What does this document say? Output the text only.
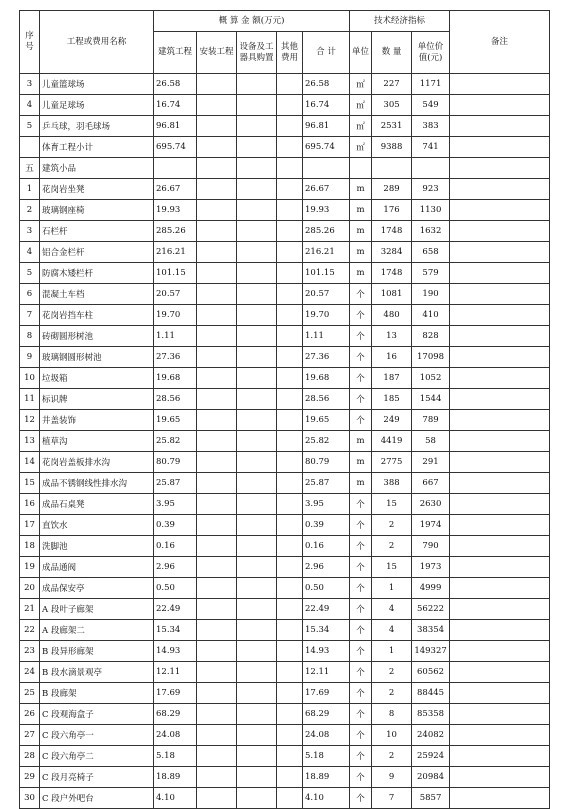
序号	工程或费用名称	概 算 金 额(万元)					技术经济指标			备注
		建筑工程	安装工程	设备及工器具购置	其他费用	合 计	单位	数 量	单位价值(元)	
3	儿童篮球场	26.58				26.58	㎡	227	1171	
4	儿童足球场	16.74				16.74	㎡	305	549	
5	乒乓球，羽毛球场	96.81				96.81	㎡	2531	383	
	体育工程小计	695.74				695.74	㎡	9388	741	
五	建筑小品									
1	花岗岩坐凳	26.67				26.67	m	289	923	
2	玻璃钢座椅	19.93				19.93	m	176	1130	
3	石栏杆	285.26				285.26	m	1748	1632	
4	铝合金栏杆	216.21				216.21	m	3284	658	
5	防腐木矮栏杆	101.15				101.15	m	1748	579	
6	混凝土车档	20.57				20.57	个	1081	190	
7	花岗岩挡车柱	19.70				19.70	个	480	410	
8	砖砌圆形树池	1.11				1.11	个	13	828	
9	玻璃钢圆形树池	27.36				27.36	个	16	17098	
10	垃圾箱	19.68				19.68	个	187	1052	
11	标识牌	28.56				28.56	个	185	1544	
12	井盖装饰	19.65				19.65	个	249	789	
13	植草沟	25.82				25.82	m	4419	58	
14	花岗岩盖板排水沟	80.79				80.79	m	2775	291	
15	成品不锈钢线性排水沟	25.87				25.87	m	388	667	
16	成品石桌凳	3.95				3.95	个	15	2630	
17	直饮水	0.39				0.39	个	2	1974	
18	洗脚池	0.16				0.16	个	2	790	
19	成品通阀	2.96				2.96	个	15	1973	
20	成品保安亭	0.50				0.50	个	1	4999	
21	A 段叶子廊架	22.49				22.49	个	4	56222	
22	A 段廊架二	15.34				15.34	个	4	38354	
23	B 段异形廊架	14.93				14.93	个	1	149327	
24	B 段水滴景观亭	12.11				12.11	个	2	60562	
25	B 段廊架	17.69				17.69	个	2	88445	
26	C 段观海盒子	68.29				68.29	个	8	85358	
27	C 段六角亭一	24.08				24.08	个	10	24082	
28	C 段六角亭二	5.18				5.18	个	2	25924	
29	C 段月亮椅子	18.89				18.89	个	9	20984	
30	C 段户外吧台	4.10				4.10	个	7	5857	
